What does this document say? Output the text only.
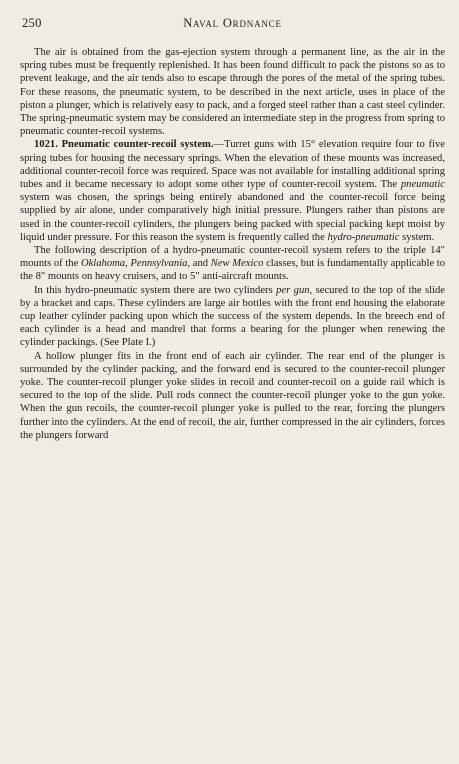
250	Naval Ordnance

The air is obtained from the gas-ejection system through a permanent line, as the air in the spring tubes must be frequently replenished. It has been found difficult to pack the pistons so as to prevent leakage, and the air tends also to escape through the pores of the metal of the spring tubes. For these reasons, the pneumatic system, to be described in the next article, uses in place of the piston a plunger, which is relatively easy to pack, and a forged steel rather than a cast steel cylinder. The spring-pneumatic system may be considered an intermediate step in the progress from spring to pneumatic counter-recoil systems.

1021. Pneumatic counter-recoil system.—Turret guns with 15° elevation require four to five spring tubes for housing the necessary springs. When the elevation of these mounts was increased, additional counter-recoil force was required. Space was not available for installing additional spring tubes and it became necessary to adopt some other type of counter-recoil system. The pneumatic system was chosen, the springs being entirely abandoned and the counter-recoil force being supplied by air alone, under comparatively high initial pressure. Plungers rather than pistons are used in the counter-recoil cylinders, the plungers being packed with special packing kept moist by liquid under pressure. For this reason the system is frequently called the hydro-pneumatic system.

The following description of a hydro-pneumatic counter-recoil system refers to the triple 14" mounts of the Oklahoma, Pennsylvania, and New Mexico classes, but is fundamentally applicable to the 8" mounts on heavy cruisers, and to 5" anti-aircraft mounts.

In this hydro-pneumatic system there are two cylinders per gun, secured to the top of the slide by a bracket and caps. These cylinders are large air bottles with the front end housing the elaborate cup leather cylinder packing upon which the success of the system depends. In the breech end of each cylinder is a head and mandrel that forms a bearing for the plunger when renewing the cylinder packings. (See Plate I.)

A hollow plunger fits in the front end of each air cylinder. The rear end of the plunger is surrounded by the cylinder packing, and the forward end is secured to the counter-recoil plunger yoke. The counter-recoil plunger yoke slides in recoil and counter-recoil on a guide rail which is secured to the top of the slide. Pull rods connect the counter-recoil plunger yoke to the gun yoke. When the gun recoils, the counter-recoil plunger yoke is pulled to the rear, forcing the plungers further into the cylinders. At the end of recoil, the air, further compressed in the air cylinders, forces the plungers forward
